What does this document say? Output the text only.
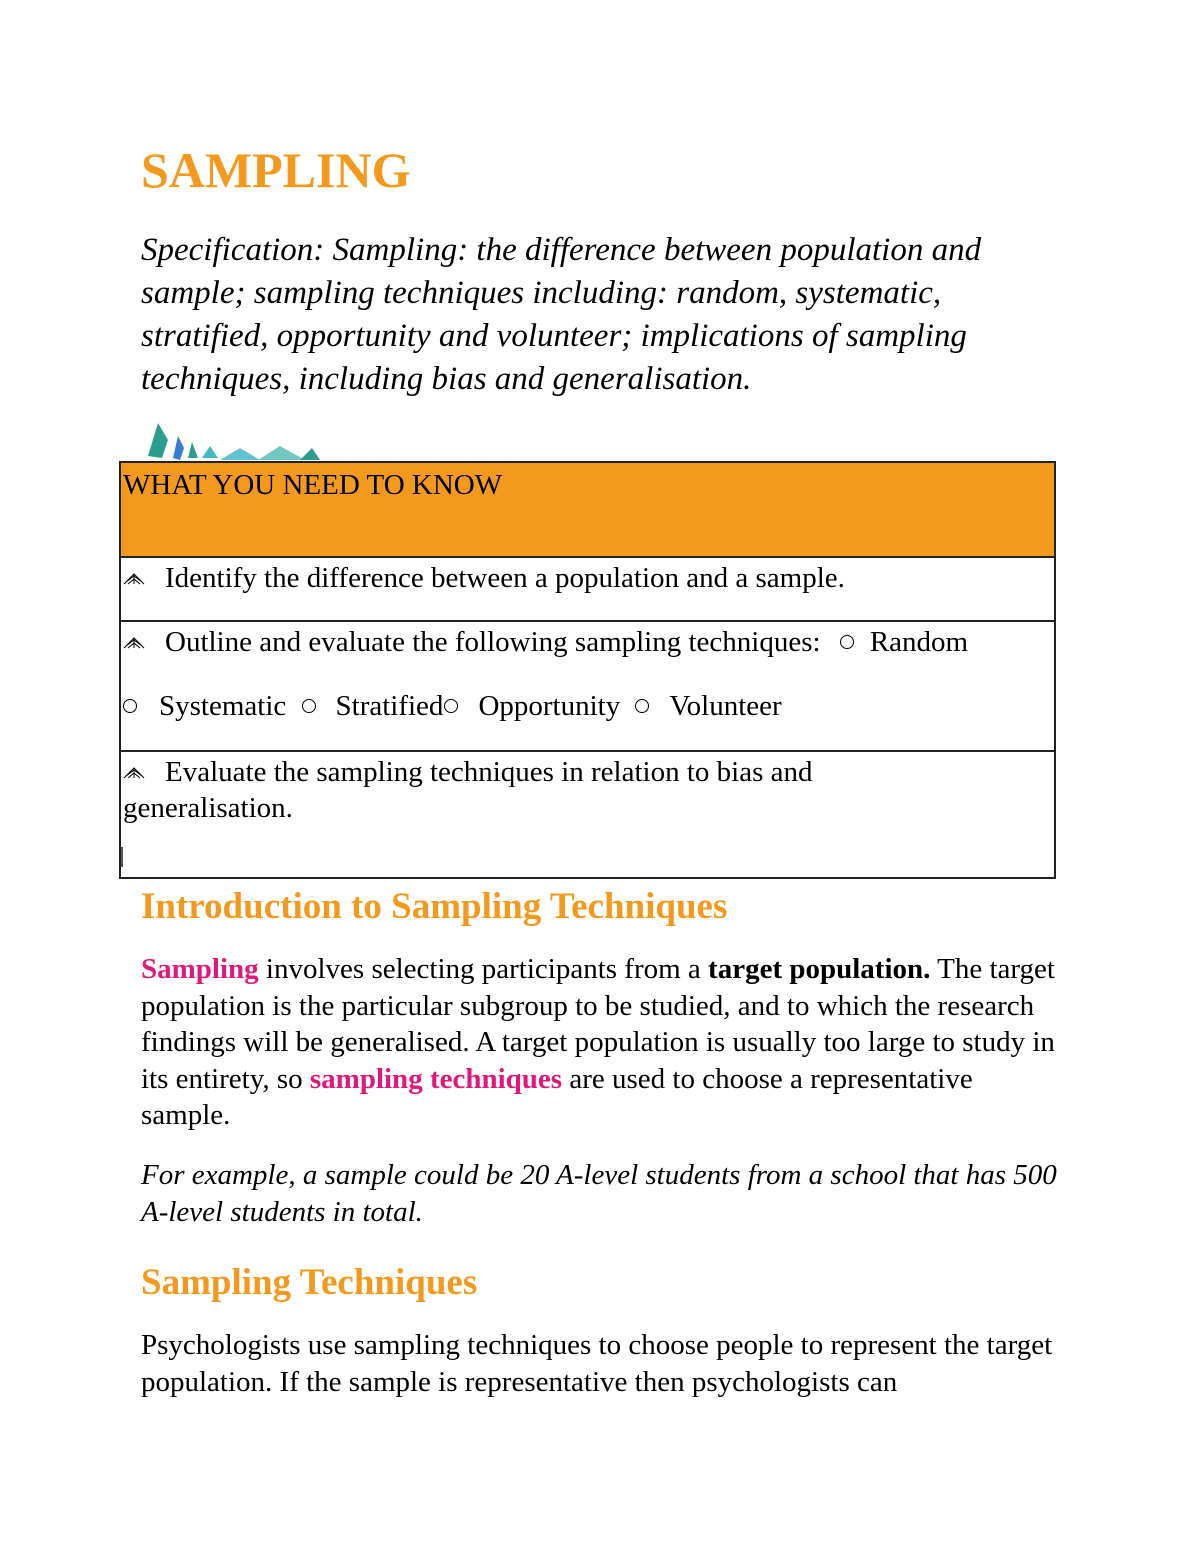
SAMPLING

Specification: Sampling: the difference between population and sample; sampling techniques including: random, systematic, stratified, opportunity and volunteer; implications of sampling techniques, including bias and generalisation.

WHAT YOU NEED TO KNOW
Identify the difference between a population and a sample.
Outline and evaluate the following sampling techniques: Random
Systematic Stratified Opportunity Volunteer
Evaluate the sampling techniques in relation to bias and
generalisation.
Introduction to Sampling Techniques

Sampling involves selecting participants from a target population. The target population is the particular subgroup to be studied, and to which the research findings will be generalised. A target population is usually too large to study in its entirety, so sampling techniques are used to choose a representative sample.

For example, a sample could be 20 A-level students from a school that has 500 A-level students in total.

Sampling Techniques

Psychologists use sampling techniques to choose people to represent the target population. If the sample is representative then psychologists can
